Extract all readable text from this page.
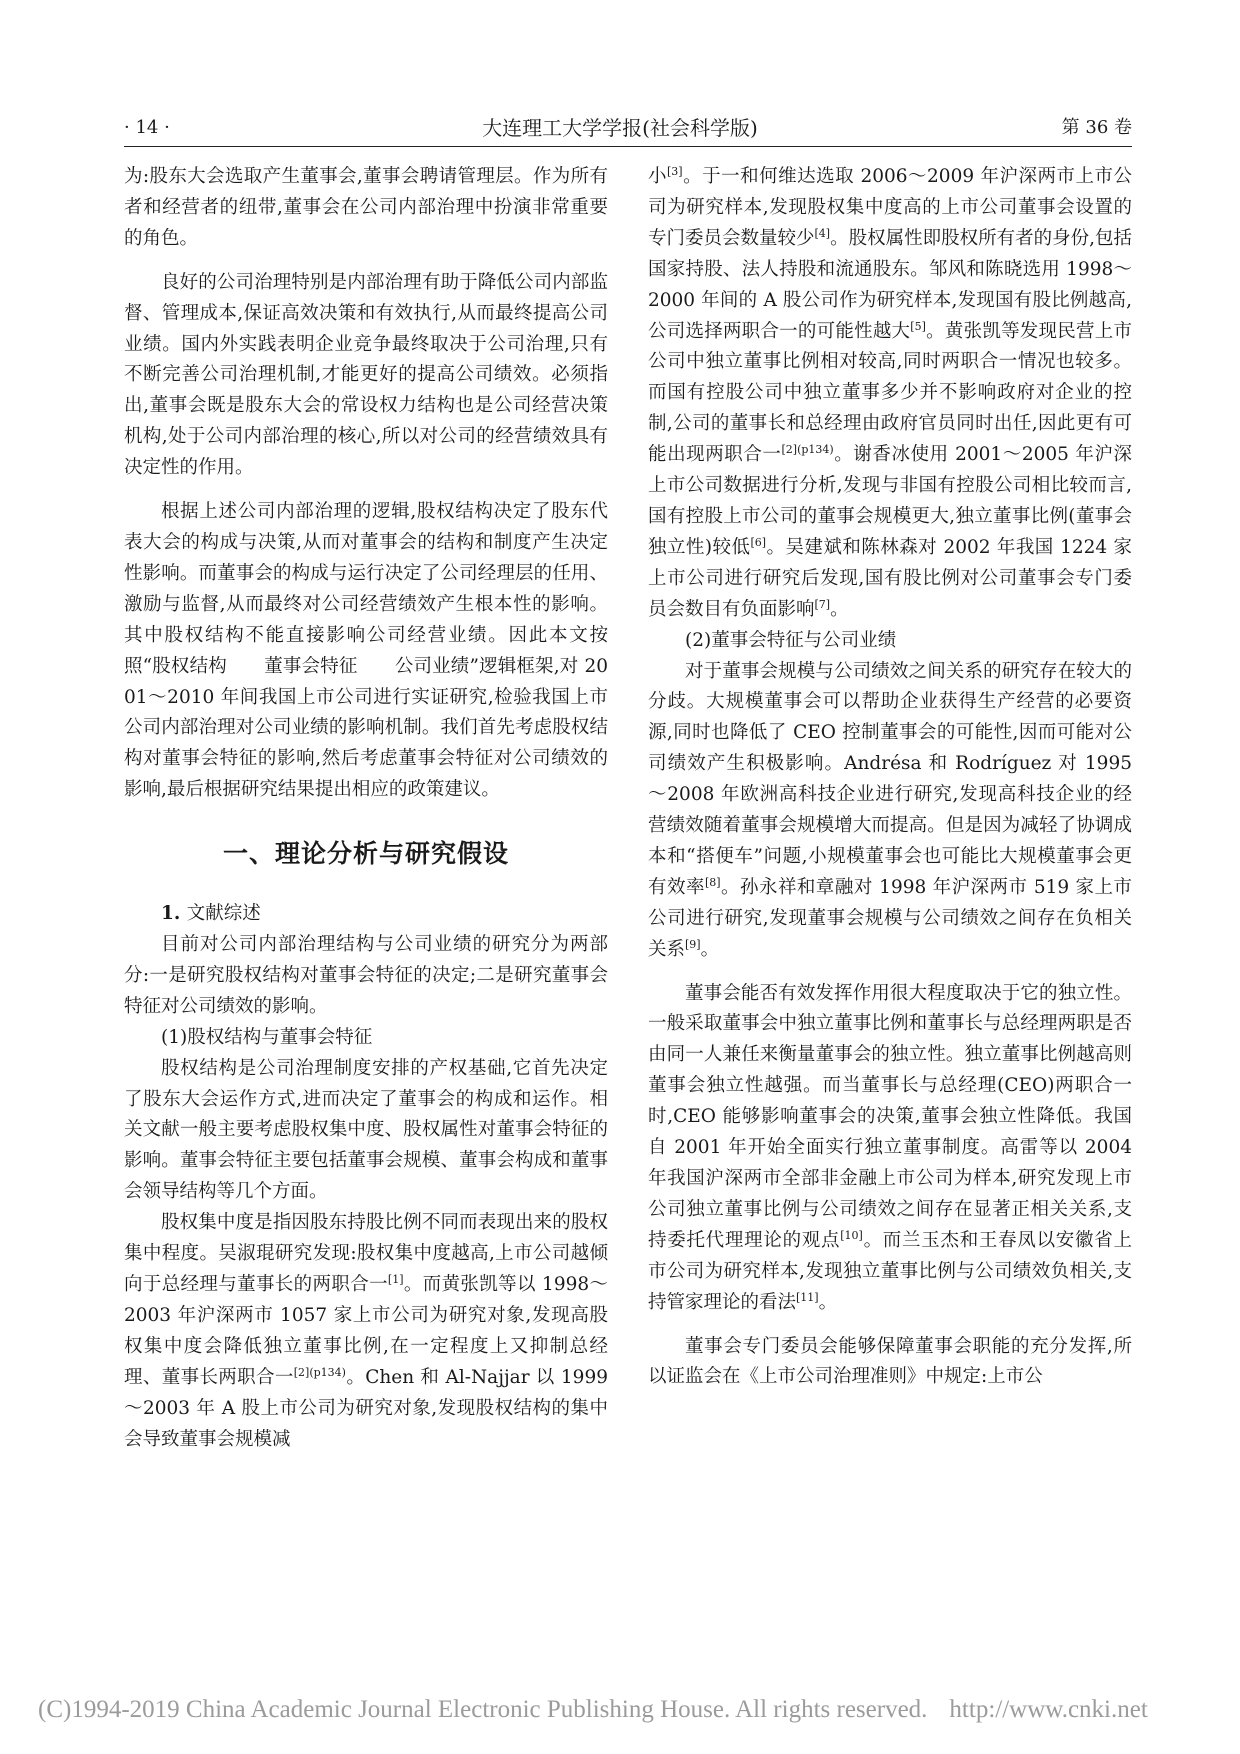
· 14 ·	大连理工大学学报(社会科学版)	第 36 卷

为:股东大会选取产生董事会,董事会聘请管理层。作为所有者和经营者的纽带,董事会在公司内部治理中扮演非常重要的角色。

良好的公司治理特别是内部治理有助于降低公司内部监督、管理成本,保证高效决策和有效执行,从而最终提高公司业绩。国内外实践表明企业竞争最终取决于公司治理,只有不断完善公司治理机制,才能更好的提高公司绩效。必须指出,董事会既是股东大会的常设权力结构也是公司经营决策机构,处于公司内部治理的核心,所以对公司的经营绩效具有决定性的作用。

根据上述公司内部治理的逻辑,股权结构决定了股东代表大会的构成与决策,从而对董事会的结构和制度产生决定性影响。而董事会的构成与运行决定了公司经理层的任用、激励与监督,从而最终对公司经营绩效产生根本性的影响。其中股权结构不能直接影响公司经营业绩。因此本文按照“股权结构　　董事会特征　　公司业绩”逻辑框架,对 2001～2010 年间我国上市公司进行实证研究,检验我国上市公司内部治理对公司业绩的影响机制。我们首先考虑股权结构对董事会特征的影响,然后考虑董事会特征对公司绩效的影响,最后根据研究结果提出相应的政策建议。

一、理论分析与研究假设

1. 文献综述

目前对公司内部治理结构与公司业绩的研究分为两部分:一是研究股权结构对董事会特征的决定;二是研究董事会特征对公司绩效的影响。

(1)股权结构与董事会特征

股权结构是公司治理制度安排的产权基础,它首先决定了股东大会运作方式,进而决定了董事会的构成和运作。相关文献一般主要考虑股权集中度、股权属性对董事会特征的影响。董事会特征主要包括董事会规模、董事会构成和董事会领导结构等几个方面。

股权集中度是指因股东持股比例不同而表现出来的股权集中程度。吴淑琨研究发现:股权集中度越高,上市公司越倾向于总经理与董事长的两职合一[1]。而黄张凯等以 1998～2003 年沪深两市 1057 家上市公司为研究对象,发现高股权集中度会降低独立董事比例,在一定程度上又抑制总经理、董事长两职合一$^{[2](p134)}$。Chen 和 Al-Najjar 以 1999～2003 年 A 股上市公司为研究对象,发现股权结构的集中会导致董事会规模减

小[3]。于一和何维达选取 2006～2009 年沪深两市上市公司为研究样本,发现股权集中度高的上市公司董事会设置的专门委员会数量较少[4]。股权属性即股权所有者的身份,包括国家持股、法人持股和流通股东。邹风和陈晓选用 1998～2000 年间的 A 股公司作为研究样本,发现国有股比例越高,公司选择两职合一的可能性越大[5]。黄张凯等发现民营上市公司中独立董事比例相对较高,同时两职合一情况也较多。而国有控股公司中独立董事多少并不影响政府对企业的控制,公司的董事长和总经理由政府官员同时出任,因此更有可能出现两职合一$^{[2](p134)}$。谢香冰使用 2001～2005 年沪深上市公司数据进行分析,发现与非国有控股公司相比较而言,国有控股上市公司的董事会规模更大,独立董事比例(董事会独立性)较低[6]。吴建斌和陈林森对 2002 年我国 1224 家上市公司进行研究后发现,国有股比例对公司董事会专门委员会数目有负面影响[7]。

(2)董事会特征与公司业绩

对于董事会规模与公司绩效之间关系的研究存在较大的分歧。大规模董事会可以帮助企业获得生产经营的必要资源,同时也降低了 CEO 控制董事会的可能性,因而可能对公司绩效产生积极影响。Andrésa 和 Rodríguez 对 1995～2008 年欧洲高科技企业进行研究,发现高科技企业的经营绩效随着董事会规模增大而提高。但是因为减轻了协调成本和“搭便车”问题,小规模董事会也可能比大规模董事会更有效率[8]。孙永祥和章融对 1998 年沪深两市 519 家上市公司进行研究,发现董事会规模与公司绩效之间存在负相关关系[9]。

董事会能否有效发挥作用很大程度取决于它的独立性。一般采取董事会中独立董事比例和董事长与总经理两职是否由同一人兼任来衡量董事会的独立性。独立董事比例越高则董事会独立性越强。而当董事长与总经理(CEO)两职合一时,CEO 能够影响董事会的决策,董事会独立性降低。我国自 2001 年开始全面实行独立董事制度。高雷等以 2004 年我国沪深两市全部非金融上市公司为样本,研究发现上市公司独立董事比例与公司绩效之间存在显著正相关关系,支持委托代理理论的观点[10]。而兰玉杰和王春凤以安徽省上市公司为研究样本,发现独立董事比例与公司绩效负相关,支持管家理论的看法[11]。

董事会专门委员会能够保障董事会职能的充分发挥,所以证监会在《上市公司治理准则》中规定:上市公

(C)1994-2019 China Academic Journal Electronic Publishing House. All rights reserved. http://www.cnki.net
